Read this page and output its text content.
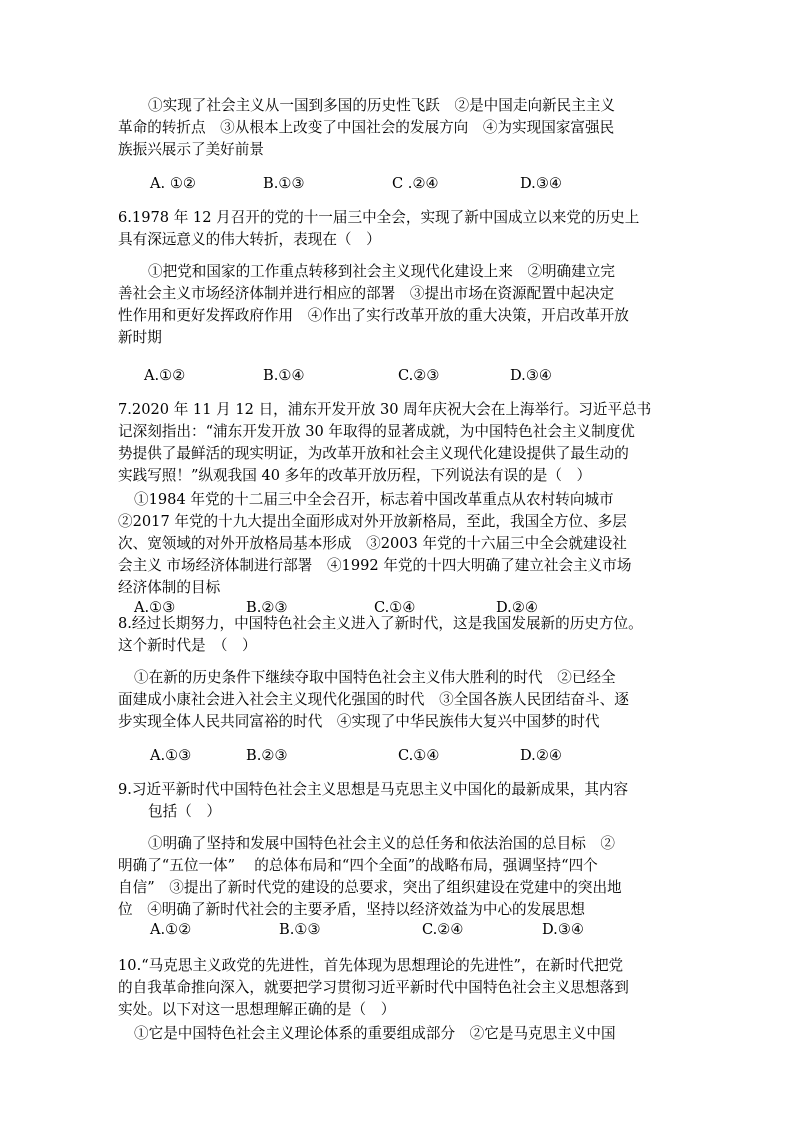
①实现了社会主义从一国到多国的历史性飞跃　②是中国走向新民主主义
革命的转折点　③从根本上改变了中国社会的发展方向　④为实现国家富强民
族振兴展示了美好前景
A. ①②	B.①③	C .②④	D.③④
6.1978 年 12 月召开的党的十一届三中全会，实现了新中国成立以来党的历史上
具有深远意义的伟大转折，表现在（　）
①把党和国家的工作重点转移到社会主义现代化建设上来　②明确建立完
善社会主义市场经济体制并进行相应的部署　③提出市场在资源配置中起决定
性作用和更好发挥政府作用　④作出了实行改革开放的重大决策，开启改革开放
新时期
A.①②	B.①④	C.②③	D.③④
7.2020 年 11 月 12 日，浦东开发开放 30 周年庆祝大会在上海举行。习近平总书
记深刻指出：“浦东开发开放 30 年取得的显著成就，为中国特色社会主义制度优
势提供了最鲜活的现实明证，为改革开放和社会主义现代化建设提供了最生动的
实践写照！”纵观我国 40 多年的改革开放历程，下列说法有误的是（　）
①1984 年党的十二届三中全会召开，标志着中国改革重点从农村转向城市
②2017 年党的十九大提出全面形成对外开放新格局，至此，我国全方位、多层
次、宽领域的对外开放格局基本形成　③2003 年党的十六届三中全会就建设社
会主义 市场经济体制进行部署　④1992 年党的十四大明确了建立社会主义市场
经济体制的目标
A.①③	B.②③	C.①④	D.②④
8.经过长期努力，中国特色社会主义进入了新时代，这是我国发展新的历史方位。
这个新时代是　（　）
①在新的历史条件下继续夺取中国特色社会主义伟大胜利的时代　②已经全
面建成小康社会进入社会主义现代化强国的时代　③全国各族人民团结奋斗、逐
步实现全体人民共同富裕的时代　④实现了中华民族伟大复兴中国梦的时代
A.①③	B.②③	C.①④	D.②④
9.习近平新时代中国特色社会主义思想是马克思主义中国化的最新成果，其内容
包括（　）
①明确了坚持和发展中国特色社会主义的总任务和依法治国的总目标　②
明确了“五位一体”　 的总体布局和“四个全面”的战略布局，强调坚持“四个
自信”　③提出了新时代党的建设的总要求，突出了组织建设在党建中的突出地
位　④明确了新时代社会的主要矛盾，坚持以经济效益为中心的发展思想
A.①②	B.①③	C.②④	D.③④
10.“马克思主义政党的先进性，首先体现为思想理论的先进性”，在新时代把党
的自我革命推向深入，就要把学习贯彻习近平新时代中国特色社会主义思想落到
实处。以下对这一思想理解正确的是（　）
①它是中国特色社会主义理论体系的重要组成部分　②它是马克思主义中国
